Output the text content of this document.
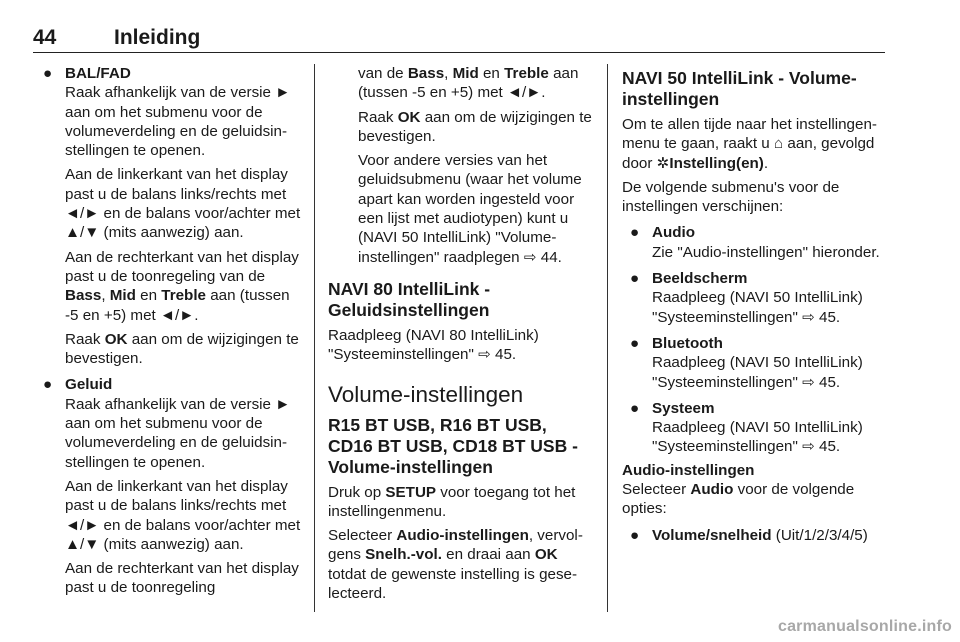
44	Inleiding
● BAL/FAD

Raak afhankelijk van de versie ► aan om het submenu voor de volumeverdeling en de geluidsinstellingen te openen.

Aan de linkerkant van het display past u de balans links/rechts met ◄/► en de balans voor/achter met ▲/▼ (mits aanwezig) aan.

Aan de rechterkant van het display past u de toonregeling van de Bass, Mid en Treble aan (tussen -5 en +5) met ◄/►.

Raak OK aan om de wijzigingen te bevestigen.

● Geluid

Raak afhankelijk van de versie ► aan om het submenu voor de volumeverdeling en de geluidsinstellingen te openen.

Aan de linkerkant van het display past u de balans links/rechts met ◄/► en de balans voor/achter met ▲/▼ (mits aanwezig) aan.

Aan de rechterkant van het display past u de toonregeling

van de Bass, Mid en Treble aan (tussen -5 en +5) met ◄/►.

Raak OK aan om de wijzigingen te bevestigen.

Voor andere versies van het geluidsubmenu (waar het volume apart kan worden ingesteld voor een lijst met audiotypen) kunt u (NAVI 50 IntelliLink) "Volume-instellingen" raadplegen ⇨ 44.

NAVI 80 IntelliLink - Geluidsinstellingen

Raadpleeg (NAVI 80 IntelliLink) "Systeeminstellingen" ⇨ 45.

Volume-instellingen

R15 BT USB, R16 BT USB, CD16 BT USB, CD18 BT USB - Volume-instellingen

Druk op SETUP voor toegang tot het instellingenmenu.

Selecteer Audio-instellingen, vervolgens Snelh.-vol. en draai aan OK totdat de gewenste instelling is geselecteerd.

NAVI 50 IntelliLink - Volume-instellingen

Om te allen tijde naar het instellingenmenu te gaan, raakt u ⌂ aan, gevolgd door ✲Instelling(en).

De volgende submenu's voor de instellingen verschijnen:

● Audio

Zie "Audio-instellingen" hieronder.

● Beeldscherm

Raadpleeg (NAVI 50 IntelliLink) "Systeeminstellingen" ⇨ 45.

● Bluetooth

Raadpleeg (NAVI 50 IntelliLink) "Systeeminstellingen" ⇨ 45.

● Systeem

Raadpleeg (NAVI 50 IntelliLink) "Systeeminstellingen" ⇨ 45.

Audio-instellingen

Selecteer Audio voor de volgende opties:

● Volume/snelheid (Uit/1/2/3/4/5)

carmanualsonline.info
